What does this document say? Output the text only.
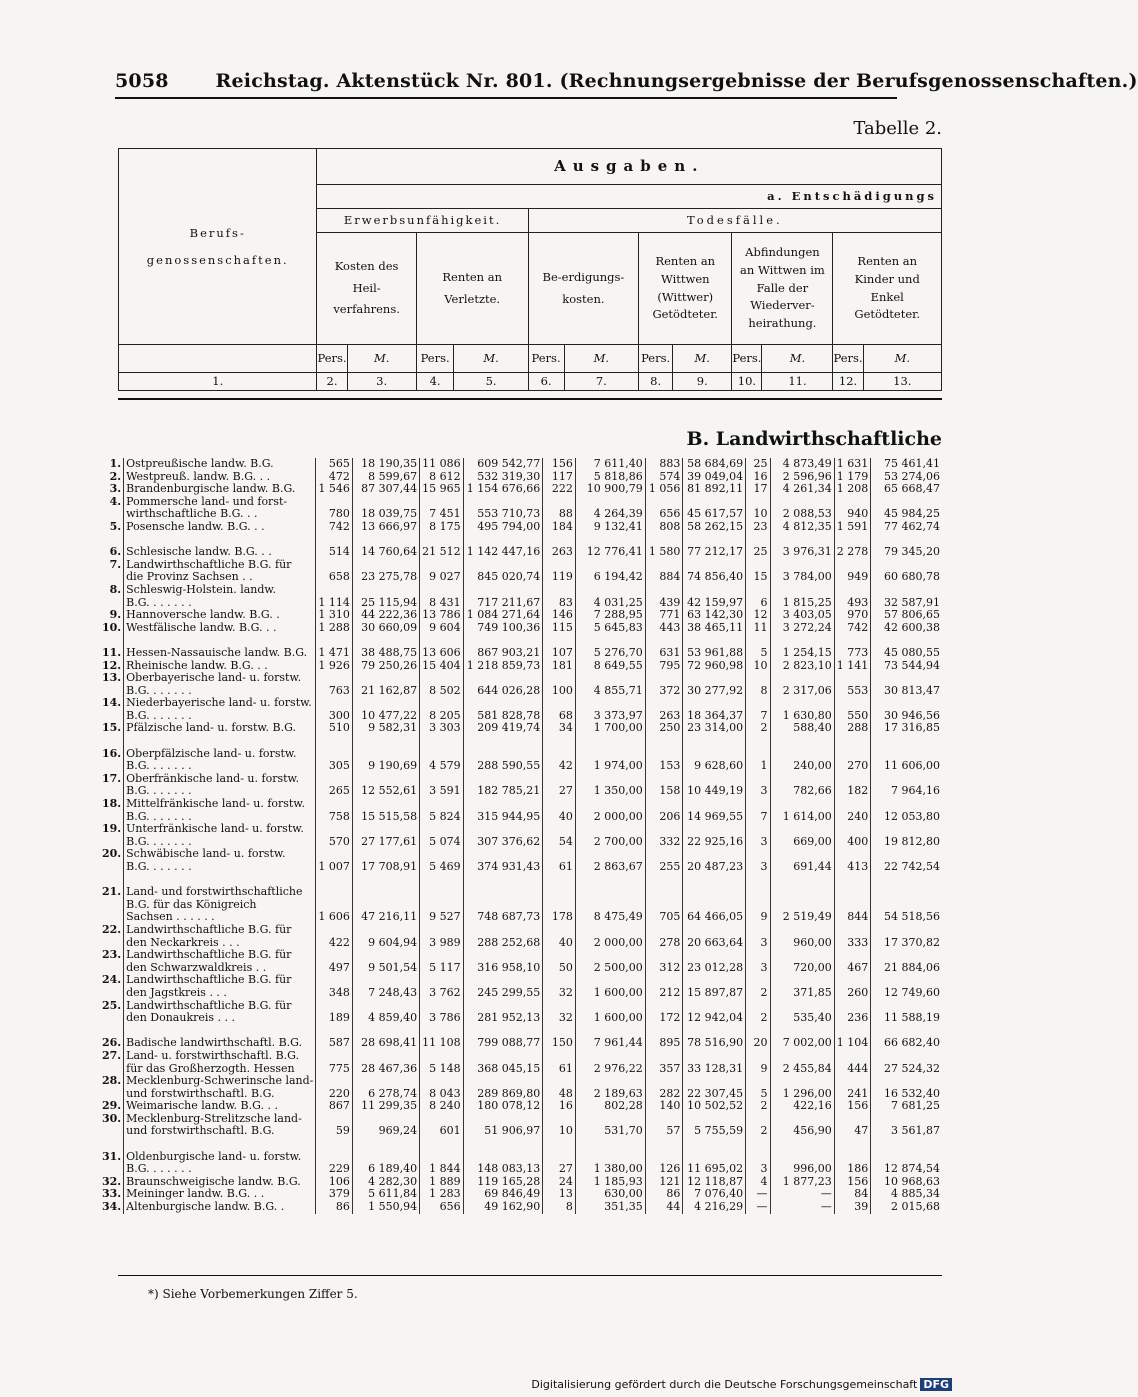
5058 Reichstag. Aktenstück Nr. 801. (Rechnungsergebnisse der Berufsgenossenschaften.)
Tabelle 2.
Berufs-genossenschaften.	Ausgaben.											
	a. Entschädigungs											
	Erwerbsunfähigkeit.				Todesfälle.							
	Kosten des Heil-verfahrens.		Renten an Verletzte.		Be-erdigungs-kosten.		Renten an Wittwen (Wittwer) Getödteter.		Abfindungen an Wittwen im Falle der Wiederver-heirathung.		Renten an Kinder und Enkel Getödteter.	
	Pers.	M.	Pers.	M.	Pers.	M.	Pers.	M.	Pers.	M.	Pers.	M.
1.	2.	3.	4.	5.	6.	7.	8.	9.	10.	11.	12.	13.
B. Landwirthschaftliche
1.	Ostpreußische landw. B.G.	565	18 190,35	11 086	609 542,77	156	7 611,40	883	58 684,69	25	4 873,49	1 631	75 461,41
2.	Westpreuß. landw. B.G. . .	472	8 599,67	8 612	532 319,30	117	5 818,86	574	39 049,04	16	2 596,96	1 179	53 274,06
3.	Brandenburgische landw. B.G.	1 546	87 307,44	15 965	1 154 676,66	222	10 900,79	1 056	81 892,11	17	4 261,34	1 208	65 668,47
4.	Pommersche land- und forst-												
	wirthschaftliche B.G. . .	780	18 039,75	7 451	553 710,73	88	4 264,39	656	45 617,57	10	2 088,53	940	45 984,25
5.	Posensche landw. B.G. . .	742	13 666,97	8 175	495 794,00	184	9 132,41	808	58 262,15	23	4 812,35	1 591	77 462,74

6.	Schlesische landw. B.G. . .	514	14 760,64	21 512	1 142 447,16	263	12 776,41	1 580	77 212,17	25	3 976,31	2 278	79 345,20
7.	Landwirthschaftliche B.G. für												
	die Provinz Sachsen . .	658	23 275,78	9 027	845 020,74	119	6 194,42	884	74 856,40	15	3 784,00	949	60 680,78
8.	Schleswig-Holstein. landw.												
	B.G. . . . . . .	1 114	25 115,94	8 431	717 211,67	83	4 031,25	439	42 159,97	6	1 815,25	493	32 587,91
9.	Hannoversche landw. B.G. .	1 310	44 222,36	13 786	1 084 271,64	146	7 288,95	771	63 142,30	12	3 403,05	970	57 806,65
10.	Westfälische landw. B.G. . .	1 288	30 660,09	9 604	749 100,36	115	5 645,83	443	38 465,11	11	3 272,24	742	42 600,38

11.	Hessen-Nassauische landw. B.G.	1 471	38 488,75	13 606	867 903,21	107	5 276,70	631	53 961,88	5	1 254,15	773	45 080,55
12.	Rheinische landw. B.G. . .	1 926	79 250,26	15 404	1 218 859,73	181	8 649,55	795	72 960,98	10	2 823,10	1 141	73 544,94
13.	Oberbayerische land- u. forstw.												
	B.G. . . . . . .	763	21 162,87	8 502	644 026,28	100	4 855,71	372	30 277,92	8	2 317,06	553	30 813,47
14.	Niederbayerische land- u. forstw.												
	B.G. . . . . . .	300	10 477,22	8 205	581 828,78	68	3 373,97	263	18 364,37	7	1 630,80	550	30 946,56
15.	Pfälzische land- u. forstw. B.G.	510	9 582,31	3 303	209 419,74	34	1 700,00	250	23 314,00	2	588,40	288	17 316,85

16.	Oberpfälzische land- u. forstw.												
	B.G. . . . . . .	305	9 190,69	4 579	288 590,55	42	1 974,00	153	9 628,60	1	240,00	270	11 606,00
17.	Oberfränkische land- u. forstw.												
	B.G. . . . . . .	265	12 552,61	3 591	182 785,21	27	1 350,00	158	10 449,19	3	782,66	182	7 964,16
18.	Mittelfränkische land- u. forstw.												
	B.G. . . . . . .	758	15 515,58	5 824	315 944,95	40	2 000,00	206	14 969,55	7	1 614,00	240	12 053,80
19.	Unterfränkische land- u. forstw.												
	B.G. . . . . . .	570	27 177,61	5 074	307 376,62	54	2 700,00	332	22 925,16	3	669,00	400	19 812,80
20.	Schwäbische land- u. forstw.												
	B.G. . . . . . .	1 007	17 708,91	5 469	374 931,43	61	2 863,67	255	20 487,23	3	691,44	413	22 742,54

21.	Land- und forstwirthschaftliche												
	B.G. für das Königreich												
	Sachsen . . . . . .	1 606	47 216,11	9 527	748 687,73	178	8 475,49	705	64 466,05	9	2 519,49	844	54 518,56
22.	Landwirthschaftliche B.G. für												
	den Neckarkreis . . .	422	9 604,94	3 989	288 252,68	40	2 000,00	278	20 663,64	3	960,00	333	17 370,82
23.	Landwirthschaftliche B.G. für												
	den Schwarzwaldkreis . .	497	9 501,54	5 117	316 958,10	50	2 500,00	312	23 012,28	3	720,00	467	21 884,06
24.	Landwirthschaftliche B.G. für												
	den Jagstkreis . . .	348	7 248,43	3 762	245 299,55	32	1 600,00	212	15 897,87	2	371,85	260	12 749,60
25.	Landwirthschaftliche B.G. für												
	den Donaukreis . . .	189	4 859,40	3 786	281 952,13	32	1 600,00	172	12 942,04	2	535,40	236	11 588,19

26.	Badische landwirthschaftl. B.G.	587	28 698,41	11 108	799 088,77	150	7 961,44	895	78 516,90	20	7 002,00	1 104	66 682,40
27.	Land- u. forstwirthschaftl. B.G.												
	für das Großherzogth. Hessen	775	28 467,36	5 148	368 045,15	61	2 976,22	357	33 128,31	9	2 455,84	444	27 524,32
28.	Mecklenburg-Schwerinsche land-												
	und forstwirthschaftl. B.G.	220	6 278,74	8 043	289 869,80	48	2 189,63	282	22 307,45	5	1 296,00	241	16 532,40
29.	Weimarische landw. B.G. . .	867	11 299,35	8 240	180 078,12	16	802,28	140	10 502,52	2	422,16	156	7 681,25
30.	Mecklenburg-Strelitzsche land-												
	und forstwirthschaftl. B.G.	59	969,24	601	51 906,97	10	531,70	57	5 755,59	2	456,90	47	3 561,87

31.	Oldenburgische land- u. forstw.												
	B.G. . . . . . .	229	6 189,40	1 844	148 083,13	27	1 380,00	126	11 695,02	3	996,00	186	12 874,54
32.	Braunschweigische landw. B.G.	106	4 282,30	1 889	119 165,28	24	1 185,93	121	12 118,87	4	1 877,23	156	10 968,63
33.	Meininger landw. B.G. . .	379	5 611,84	1 283	69 846,49	13	630,00	86	7 076,40	—	—	84	4 885,34
34.	Altenburgische landw. B.G. .	86	1 550,94	656	49 162,90	8	351,35	44	4 216,29	—	—	39	2 015,68
*) Siehe Vorbemerkungen Ziffer 5.
Digitalisierung gefördert durch die Deutsche Forschungsgemeinschaft DFG
